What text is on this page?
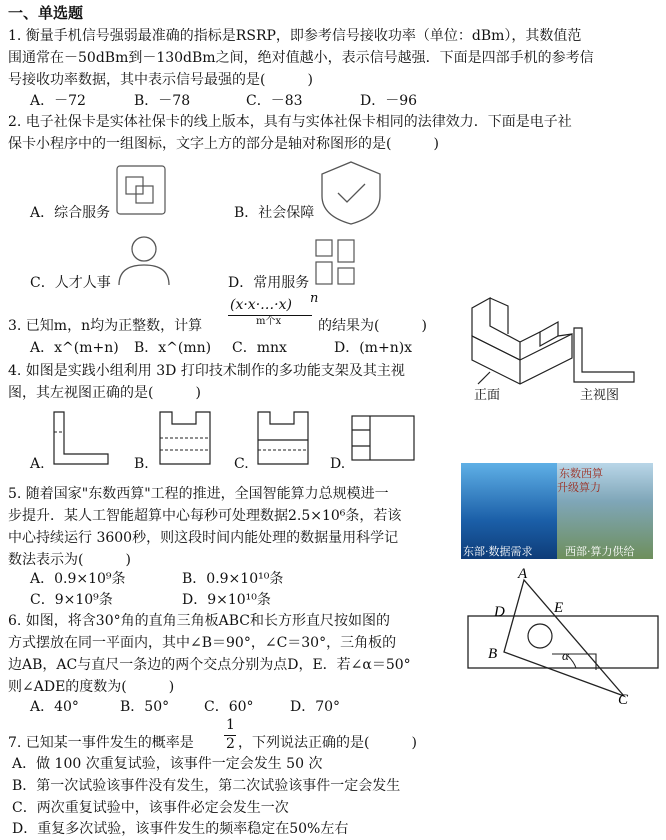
一、单选题
1. 衡量手机信号强弱最准确的指标是RSRP，即参考信号接收功率（单位：dBm），其数值范
围通常在－50dBm到－130dBm之间，绝对值越小，表示信号越强．下面是四部手机的参考信
号接收功率数据，其中表示信号最强的是(　　　)
A．－72	B．－78	C．－83	D．－96
2. 电子社保卡是实体社保卡的线上版本，具有与实体社保卡相同的法律效力．下面是电子社
保卡小程序中的一组图标，文字上方的部分是轴对称图形的是(　　　)
A．综合服务	B．社会保障
C．人才人事	D．常用服务
3. 已知m，n均为正整数，计算
(x·x·…·x) n
m个x	的结果为(　　　)
A．x^(m+n) B．x^(mn) C．mnx	D．(m+n)x
正面	主视图
4. 如图是实践小组利用 3D 打印技术制作的多功能支架及其主视
图，其左视图正确的是(　　　)
A.	B.	C.	D.
东数西算
升级算力
东部·数据需求	西部·算力供给
5. 随着国家"东数西算"工程的推进，全国智能算力总规模进一
步提升．某人工智能超算中心每秒可处理数据2.5×10⁶条，若该
中心持续运行 3600秒，则这段时间内能处理的数据量用科学记
数法表示为(　　　)
A．0.9×10⁹条	B．0.9×10¹⁰条
C．9×10⁹条	D．9×10¹⁰条
A
B
C
D	E
α
6. 如图，将含30°角的直角三角板ABC和长方形直尺按如图的
方式摆放在同一平面内，其中∠B＝90°，∠C＝30°，三角板的
边AB，AC与直尺一条边的两个交点分别为点D，E．若∠α＝50°
则∠ADE的度数为(　　　)
A．40°	B．50° C．60°	D．70°
7. 已知某一事件发生的概率是
1
2 ，下列说法正确的是(　　　)
A．做 100 次重复试验，该事件一定会发生 50 次
B．第一次试验该事件没有发生，第二次试验该事件一定会发生
C．两次重复试验中，该事件必定会发生一次
D．重复多次试验，该事件发生的频率稳定在50%左右
